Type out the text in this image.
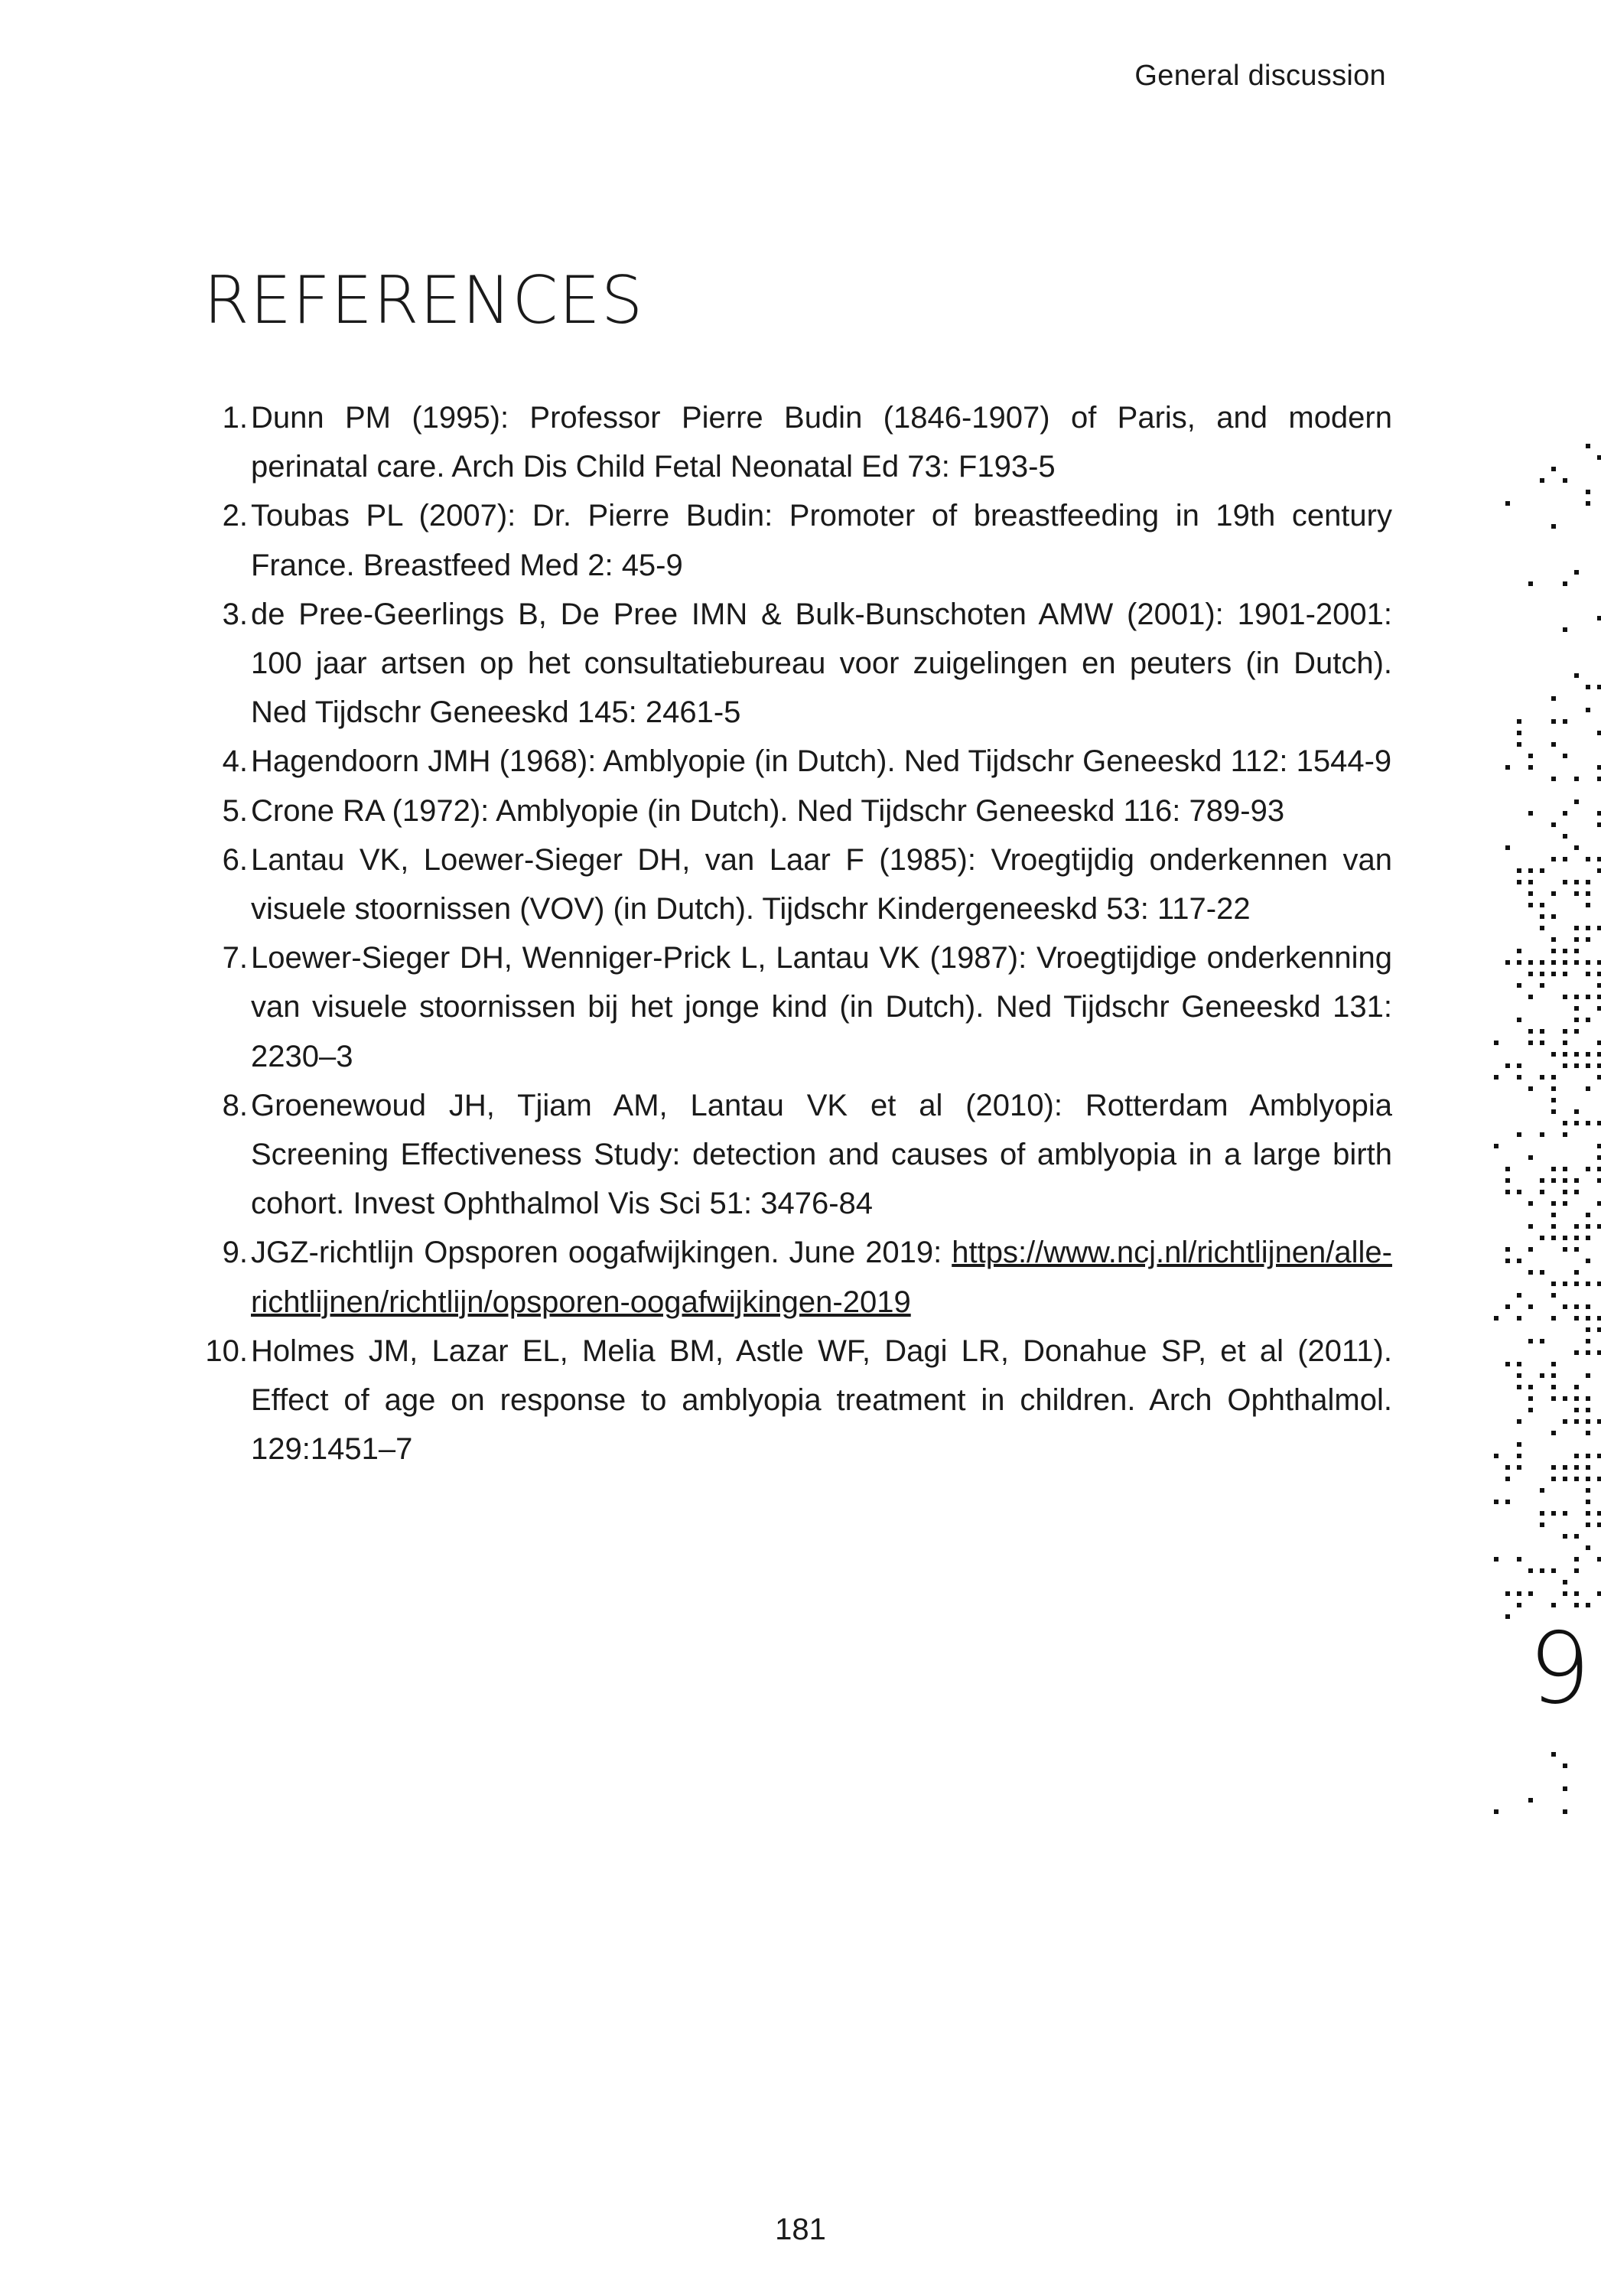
General discussion
REFERENCES
1. Dunn PM (1995): Professor Pierre Budin (1846-1907) of Paris, and modern perinatal care. Arch Dis Child Fetal Neonatal Ed 73: F193-5
2. Toubas PL (2007): Dr. Pierre Budin: Promoter of breastfeeding in 19th century France. Breastfeed Med 2: 45-9
3. de Pree-Geerlings B, De Pree IMN & Bulk-Bunschoten AMW (2001): 1901-2001: 100 jaar artsen op het consultatiebureau voor zuigelingen en peuters (in Dutch). Ned Tijdschr Geneeskd 145: 2461-5
4. Hagendoorn JMH (1968): Amblyopie (in Dutch). Ned Tijdschr Geneeskd 112: 1544-9
5. Crone RA (1972): Amblyopie (in Dutch). Ned Tijdschr Geneeskd 116: 789-93
6. Lantau VK, Loewer-Sieger DH, van Laar F (1985): Vroegtijdig onderkennen van visuele stoornissen (VOV) (in Dutch). Tijdschr Kindergeneeskd 53: 117-22
7. Loewer-Sieger DH, Wenniger-Prick L, Lantau VK (1987): Vroegtijdige onderkenning van visuele stoornissen bij het jonge kind (in Dutch). Ned Tijdschr Geneeskd 131: 2230–3
8. Groenewoud JH, Tjiam AM, Lantau VK et al (2010): Rotterdam Amblyopia Screening Effectiveness Study: detection and causes of amblyopia in a large birth cohort. Invest Ophthalmol Vis Sci 51: 3476-84
9. JGZ-richtlijn Opsporen oogafwijkingen. June 2019: https://www.ncj.nl/richtlijnen/alle-richtlijnen/richtlijn/opsporen-oogafwijkingen-2019
10. Holmes JM, Lazar EL, Melia BM, Astle WF, Dagi LR, Donahue SP, et al (2011). Effect of age on response to amblyopia treatment in children. Arch Ophthalmol. 129:1451–7
9
181
